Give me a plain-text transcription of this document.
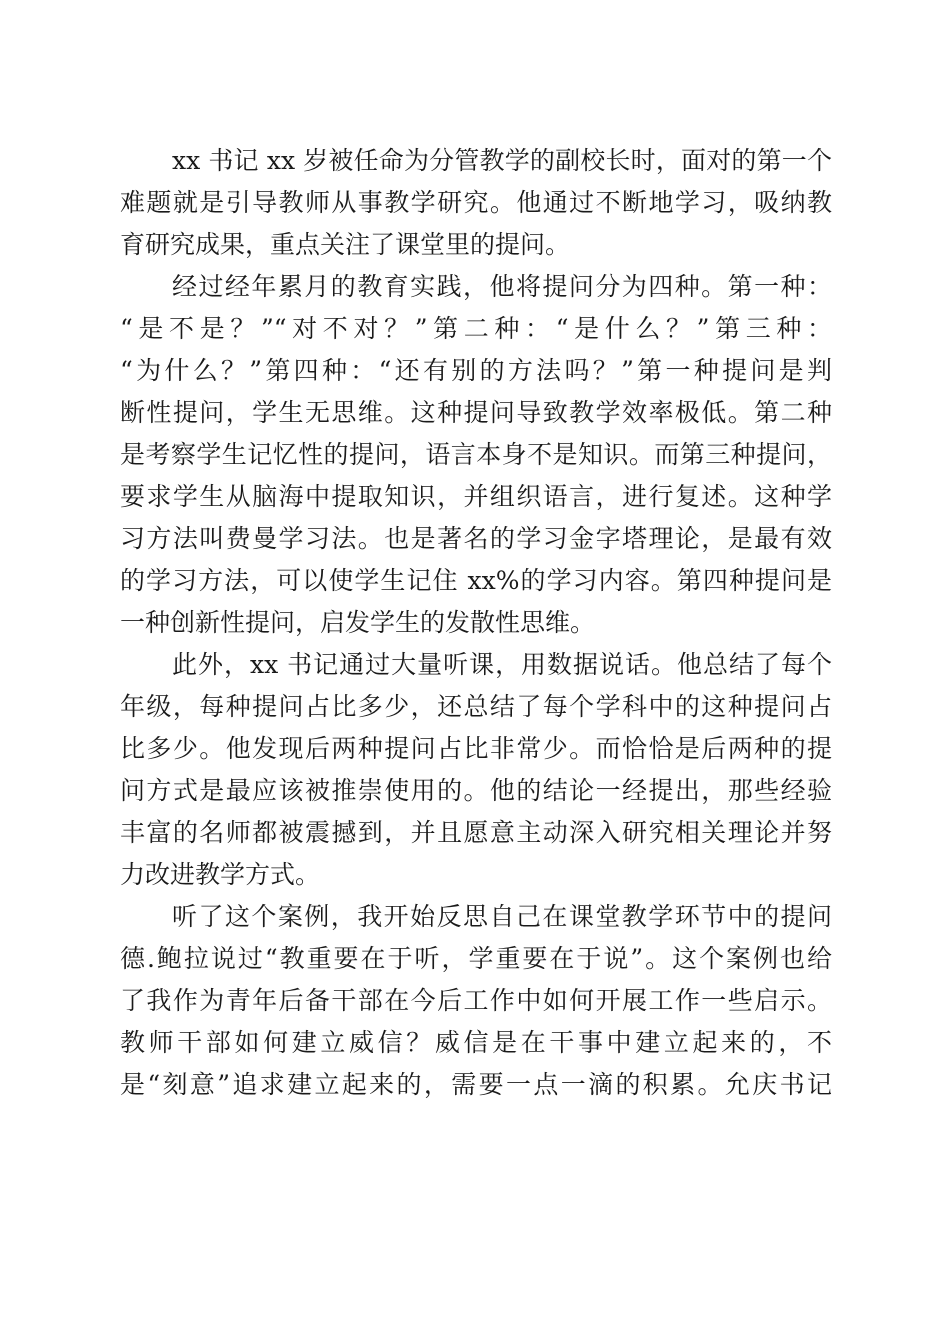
xx 书记 xx 岁被任命为分管教学的副校长时，面对的第一个
难题就是引导教师从事教学研究。他通过不断地学习，吸纳教
育研究成果，重点关注了课堂里的提问。
经过经年累月的教育实践，他将提问分为四种。第一种：
“是不是？”“对不对？”第二种：“是什么？”第三种：
“为什么？”第四种：“还有别的方法吗？”第一种提问是判
断性提问，学生无思维。这种提问导致教学效率极低。第二种
是考察学生记忆性的提问，语言本身不是知识。而第三种提问，
要求学生从脑海中提取知识，并组织语言，进行复述。这种学
习方法叫费曼学习法。也是著名的学习金字塔理论，是最有效
的学习方法，可以使学生记住 xx%的学习内容。第四种提问是
一种创新性提问，启发学生的发散性思维。
此外，xx 书记通过大量听课，用数据说话。他总结了每个
年级，每种提问占比多少，还总结了每个学科中的这种提问占
比多少。他发现后两种提问占比非常少。而恰恰是后两种的提
问方式是最应该被推崇使用的。他的结论一经提出，那些经验
丰富的名师都被震撼到，并且愿意主动深入研究相关理论并努
力改进教学方式。
听了这个案例，我开始反思自己在课堂教学环节中的提问
德.鲍拉说过“教重要在于听，学重要在于说”。这个案例也给
了我作为青年后备干部在今后工作中如何开展工作一些启示。
教师干部如何建立威信？威信是在干事中建立起来的，不
是“刻意”追求建立起来的，需要一点一滴的积累。允庆书记
